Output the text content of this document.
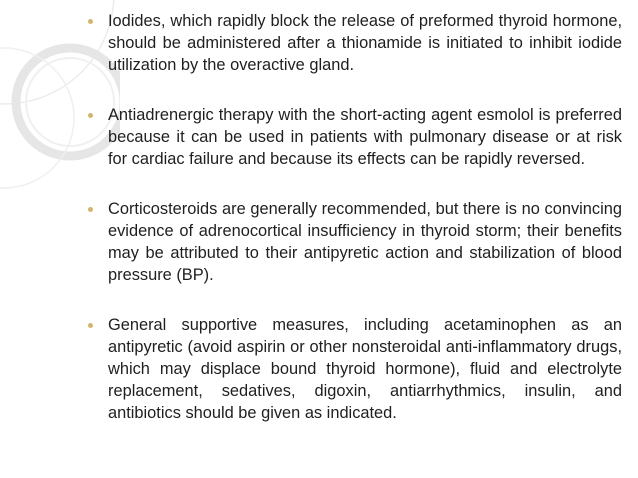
Iodides, which rapidly block the release of preformed thyroid hormone, should be administered after a thionamide is initiated to inhibit iodide utilization by the overactive gland.
Antiadrenergic therapy with the short-acting agent esmolol is preferred because it can be used in patients with pulmonary disease or at risk for cardiac failure and because its effects can be rapidly reversed.
Corticosteroids are generally recommended, but there is no convincing evidence of adrenocortical insufficiency in thyroid storm; their benefits may be attributed to their antipyretic action and stabilization of blood pressure (BP).
General supportive measures, including acetaminophen as an antipyretic (avoid aspirin or other nonsteroidal anti-inflammatory drugs, which may displace bound thyroid hormone), fluid and electrolyte replacement, sedatives, digoxin, antiarrhythmics, insulin, and antibiotics should be given as indicated.
